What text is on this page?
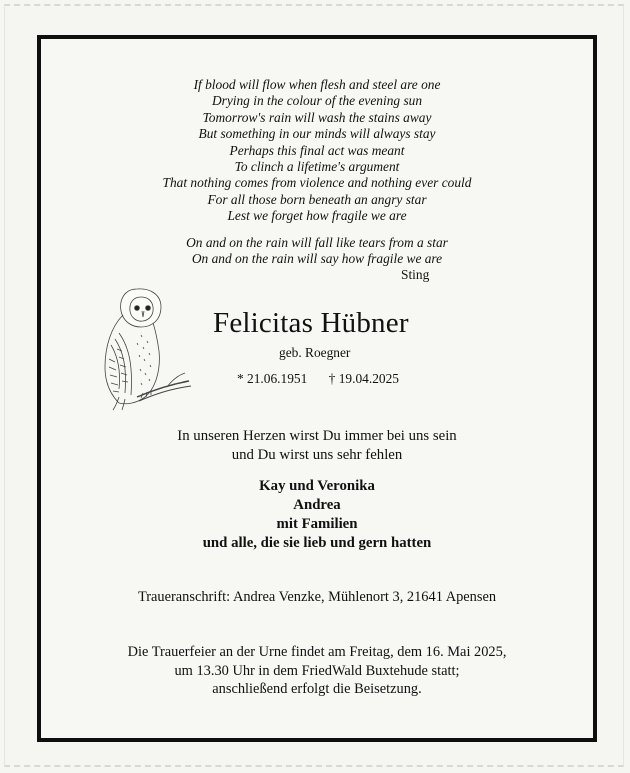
If blood will flow when flesh and steel are one
Drying in the colour of the evening sun
Tomorrow's rain will wash the stains away
But something in our minds will always stay
Perhaps this final act was meant
To clinch a lifetime's argument
That nothing comes from violence and nothing ever could
For all those born beneath an angry star
Lest we forget how fragile we are
On and on the rain will fall like tears from a star
On and on the rain will say how fragile we are
Sting
Felicitas Hübner
geb. Roegner
* 21.06.1951 † 19.04.2025
In unseren Herzen wirst Du immer bei uns sein
und Du wirst uns sehr fehlen
Kay und Veronika
Andrea
mit Familien
und alle, die sie lieb und gern hatten
Traueranschrift: Andrea Venzke, Mühlenort 3, 21641 Apensen
Die Trauerfeier an der Urne findet am Freitag, dem 16. Mai 2025,
um 13.30 Uhr in dem FriedWald Buxtehude statt;
anschließend erfolgt die Beisetzung.
